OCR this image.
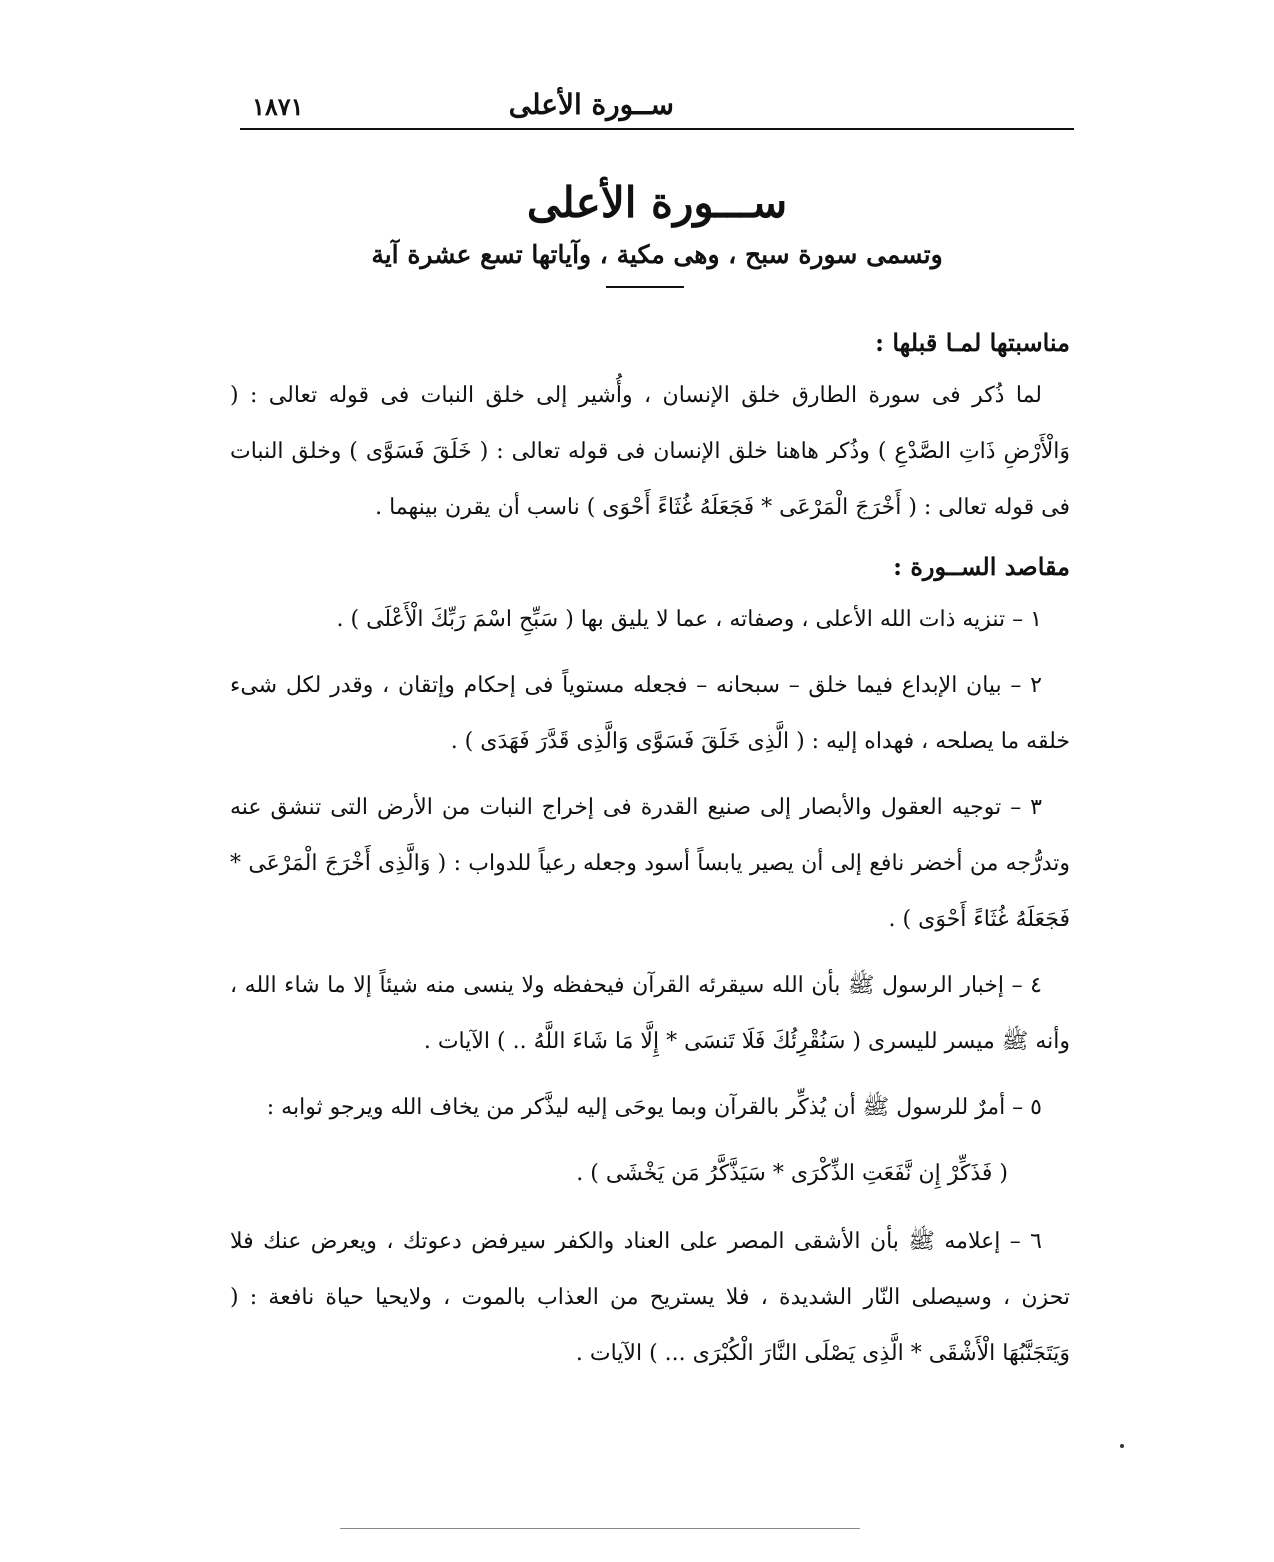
ســورة الأعلى
١٨٧١
ســـورة الأعلى
وتسمى سورة سبح ، وهى مكية ، وآياتها تسع عشرة آية

مناسبتها لمـا قبلها :

لما ذُكر فى سورة الطارق خلق الإنسان ، وأُشير إلى خلق النبات فى قوله تعالى : ( وَالْأَرْضِ ذَاتِ الصَّدْعِ ) وذُكر هاهنا خلق الإنسان فى قوله تعالى : ( خَلَقَ فَسَوَّى ) وخلق النبات فى قوله تعالى : ( أَخْرَجَ الْمَرْعَى * فَجَعَلَهُ غُثَاءً أَحْوَى ) ناسب أن يقرن بينهما .

مقاصد الســورة :

١ – تنزيه ذات الله الأعلى ، وصفاته ، عما لا يليق بها ( سَبِّحِ اسْمَ رَبِّكَ الْأَعْلَى ) .

٢ – بيان الإبداع فيما خلق – سبحانه – فجعله مستوياً فى إحكام وإتقان ، وقدر لكل شىء خلقه ما يصلحه ، فهداه إليه : ( الَّذِى خَلَقَ فَسَوَّى وَالَّذِى قَدَّرَ فَهَدَى ) .

٣ – توجيه العقول والأبصار إلى صنيع القدرة فى إخراج النبات من الأرض التى تنشق عنه وتدرُّجه من أخضر نافع إلى أن يصير يابساً أسود وجعله رعياً للدواب : ( وَالَّذِى أَخْرَجَ الْمَرْعَى * فَجَعَلَهُ غُثَاءً أَحْوَى ) .

٤ – إخبار الرسول ﷺ بأن الله سيقرئه القرآن فيحفظه ولا ينسى منه شيئاً إلا ما شاء الله ، وأنه ﷺ ميسر لليسرى ( سَنُقْرِئُكَ فَلَا تَنسَى * إِلَّا مَا شَاءَ اللَّهُ .. ) الآيات .

٥ – أمرٌ للرسول ﷺ أن يُذكِّر بالقرآن وبما يوحَى إليه ليذَّكر من يخاف الله ويرجو ثوابه :

( فَذَكِّرْ إِن نَّفَعَتِ الذِّكْرَى * سَيَذَّكَّرُ مَن يَخْشَى ) .

٦ – إعلامه ﷺ بأن الأشقى المصر على العناد والكفر سيرفض دعوتك ، ويعرض عنك فلا تحزن ، وسيصلى النّار الشديدة ، فلا يستريح من العذاب بالموت ، ولايحيا حياة نافعة : ( وَيَتَجَنَّبُهَا الْأَشْقَى * الَّذِى يَصْلَى النَّارَ الْكُبْرَى ... ) الآيات .
